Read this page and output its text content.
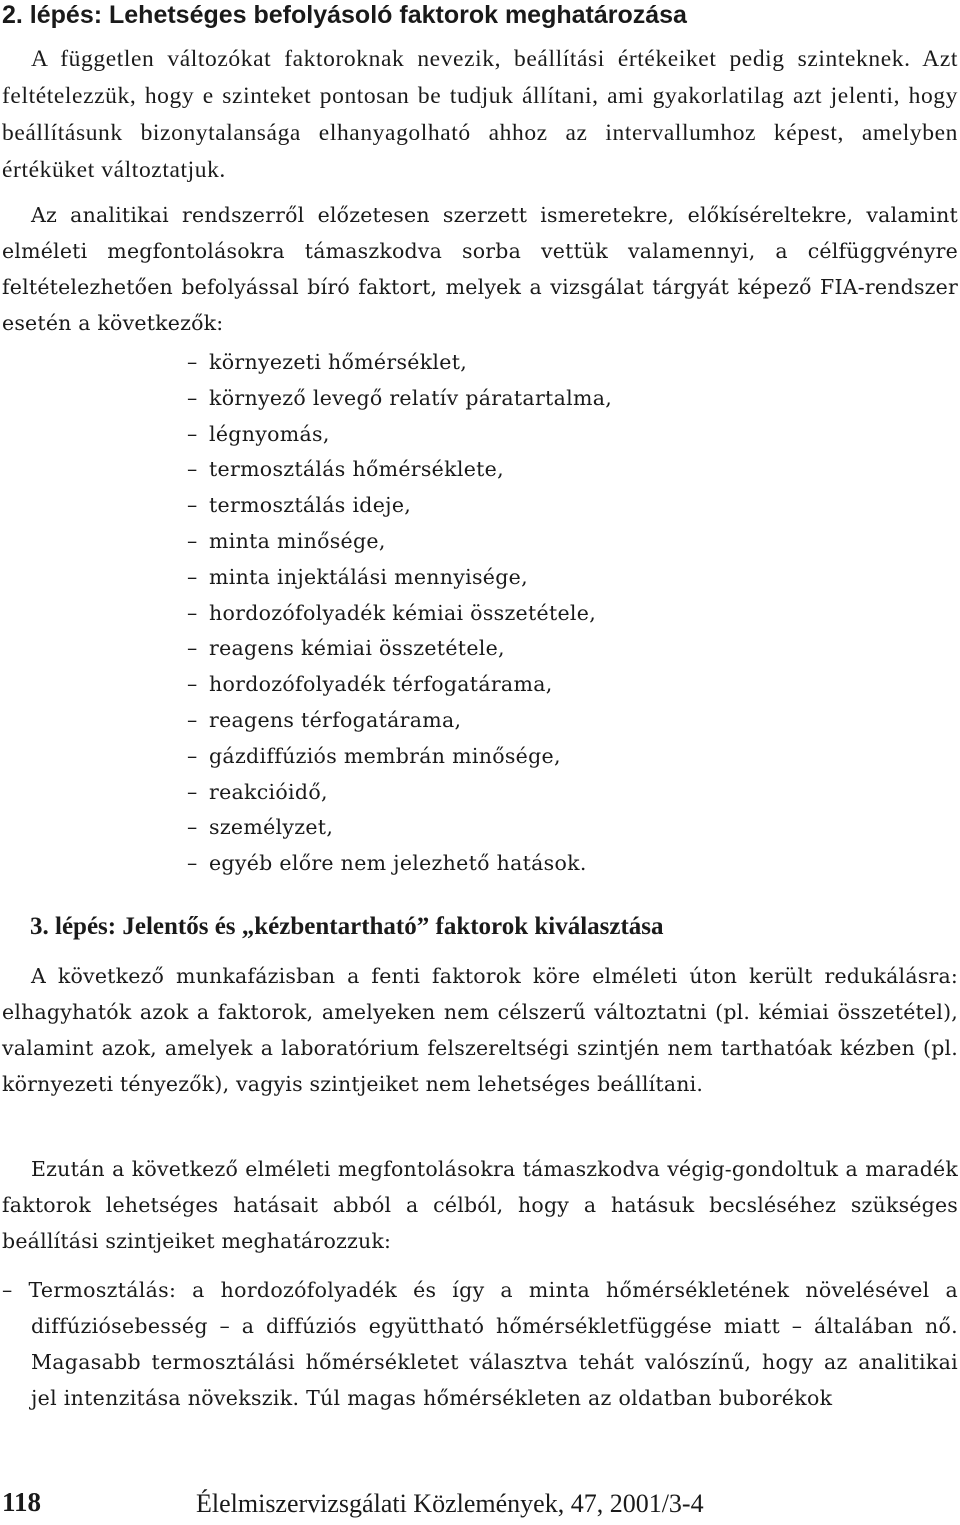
2. lépés: Lehetséges befolyásoló faktorok meghatározása

A független változókat faktoroknak nevezik, beállítási értékeiket pedig szinteknek. Azt feltételezzük, hogy e szinteket pontosan be tudjuk állítani, ami gyakorlatilag azt jelenti, hogy beállításunk bizonytalansága elhanyagolható ahhoz az intervallumhoz képest, amelyben értéküket változtatjuk.

Az analitikai rendszerről előzetesen szerzett ismeretekre, előkíséreltekre, valamint elméleti megfontolásokra támaszkodva sorba vettük valamennyi, a célfüggvényre feltételezhetően befolyással bíró faktort, melyek a vizsgálat tárgyát képező FIA-rendszer esetén a következők:

– környezeti hőmérséklet,
– környező levegő relatív páratartalma,
– légnyomás,
– termosztálás hőmérséklete,
– termosztálás ideje,
– minta minősége,
– minta injektálási mennyisége,
– hordozófolyadék kémiai összetétele,
– reagens kémiai összetétele,
– hordozófolyadék térfogatárama,
– reagens térfogatárama,
– gázdiffúziós membrán minősége,
– reakcióidő,
– személyzet,
– egyéb előre nem jelezhető hatások.
3. lépés: Jelentős és „kézbentartható” faktorok kiválasztása

A következő munkafázisban a fenti faktorok köre elméleti úton került redukálásra: elhagyhatók azok a faktorok, amelyeken nem célszerű változtatni (pl. kémiai összetétel), valamint azok, amelyek a laboratórium felszereltségi szintjén nem tarthatóak kézben (pl. környezeti tényezők), vagyis szintjeiket nem lehetséges beállítani.

Ezután a következő elméleti megfontolásokra támaszkodva végig-gondoltuk a maradék faktorok lehetséges hatásait abból a célból, hogy a hatásuk becsléséhez szükséges beállítási szintjeiket meghatározzuk:

– Termosztálás: a hordozófolyadék és így a minta hőmérsékletének növelésével a diffúziósebesség – a diffúziós együttható hőmérsékletfüggése miatt – általában nő. Magasabb termosztálási hőmérsékletet választva tehát valószínű, hogy az analitikai jel intenzitása növekszik. Túl magas hőmérsékleten az oldatban buborékok

118	Élelmiszervizsgálati Közlemények, 47, 2001/3-4
